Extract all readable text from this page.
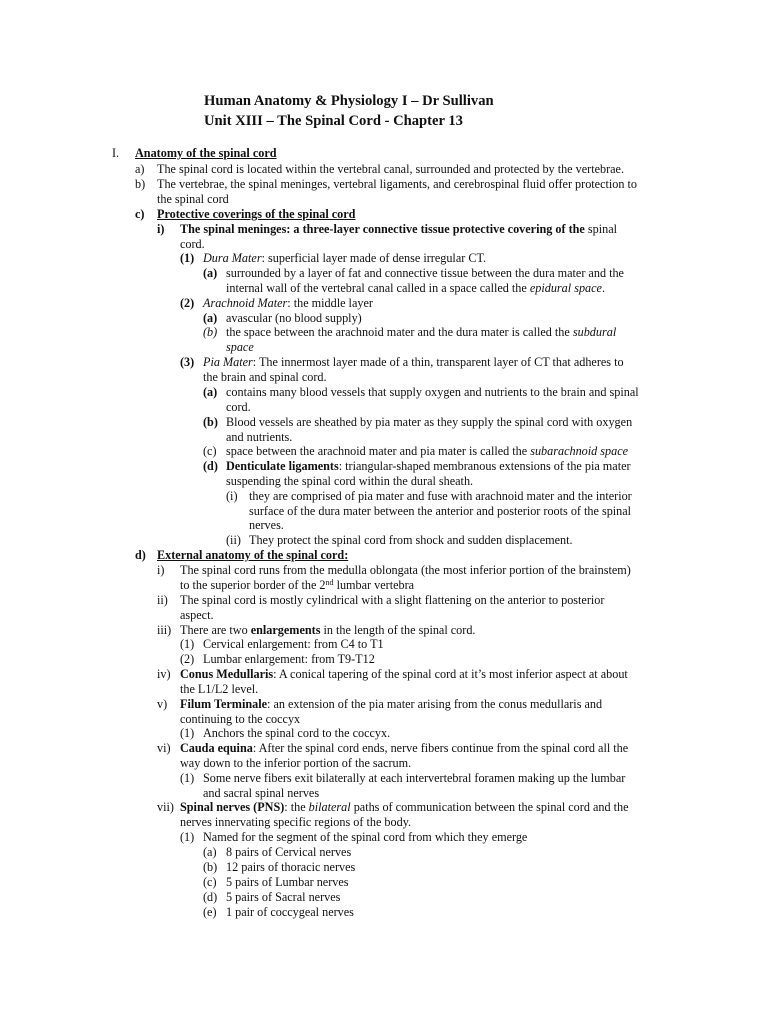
Human Anatomy & Physiology I – Dr Sullivan
Unit XIII – The Spinal Cord - Chapter 13
I. Anatomy of the spinal cord
a) The spinal cord is located within the vertebral canal, surrounded and protected by the vertebrae.
b) The vertebrae, the spinal meninges, vertebral ligaments, and cerebrospinal fluid offer protection to
the spinal cord
c) Protective coverings of the spinal cord
i) The spinal meninges: a three-layer connective tissue protective covering of the spinal
cord.
(1) Dura Mater: superficial layer made of dense irregular CT.
(a) surrounded by a layer of fat and connective tissue between the dura mater and the
internal wall of the vertebral canal called in a space called the epidural space.
(2) Arachnoid Mater: the middle layer
(a) avascular (no blood supply)
(b) the space between the arachnoid mater and the dura mater is called the subdural
space
(3) Pia Mater: The innermost layer made of a thin, transparent layer of CT that adheres to
the brain and spinal cord.
(a) contains many blood vessels that supply oxygen and nutrients to the brain and spinal
cord.
(b) Blood vessels are sheathed by pia mater as they supply the spinal cord with oxygen
and nutrients.
(c) space between the arachnoid mater and pia mater is called the subarachnoid space
(d) Denticulate ligaments: triangular-shaped membranous extensions of the pia mater
suspending the spinal cord within the dural sheath.
(i) they are comprised of pia mater and fuse with arachnoid mater and the interior
surface of the dura mater between the anterior and posterior roots of the spinal
nerves.
(ii) They protect the spinal cord from shock and sudden displacement.
d) External anatomy of the spinal cord:
i) The spinal cord runs from the medulla oblongata (the most inferior portion of the brainstem)
to the superior border of the 2nd lumbar vertebra
ii) The spinal cord is mostly cylindrical with a slight flattening on the anterior to posterior
aspect.
iii) There are two enlargements in the length of the spinal cord.
(1) Cervical enlargement: from C4 to T1
(2) Lumbar enlargement: from T9-T12
iv) Conus Medullaris: A conical tapering of the spinal cord at it’s most inferior aspect at about
the L1/L2 level.
v) Filum Terminale: an extension of the pia mater arising from the conus medullaris and
continuing to the coccyx
(1) Anchors the spinal cord to the coccyx.
vi) Cauda equina: After the spinal cord ends, nerve fibers continue from the spinal cord all the
way down to the inferior portion of the sacrum.
(1) Some nerve fibers exit bilaterally at each intervertebral foramen making up the lumbar
and sacral spinal nerves
vii) Spinal nerves (PNS): the bilateral paths of communication between the spinal cord and the
nerves innervating specific regions of the body.
(1) Named for the segment of the spinal cord from which they emerge
(a) 8 pairs of Cervical nerves
(b) 12 pairs of thoracic nerves
(c) 5 pairs of Lumbar nerves
(d) 5 pairs of Sacral nerves
(e) 1 pair of coccygeal nerves
